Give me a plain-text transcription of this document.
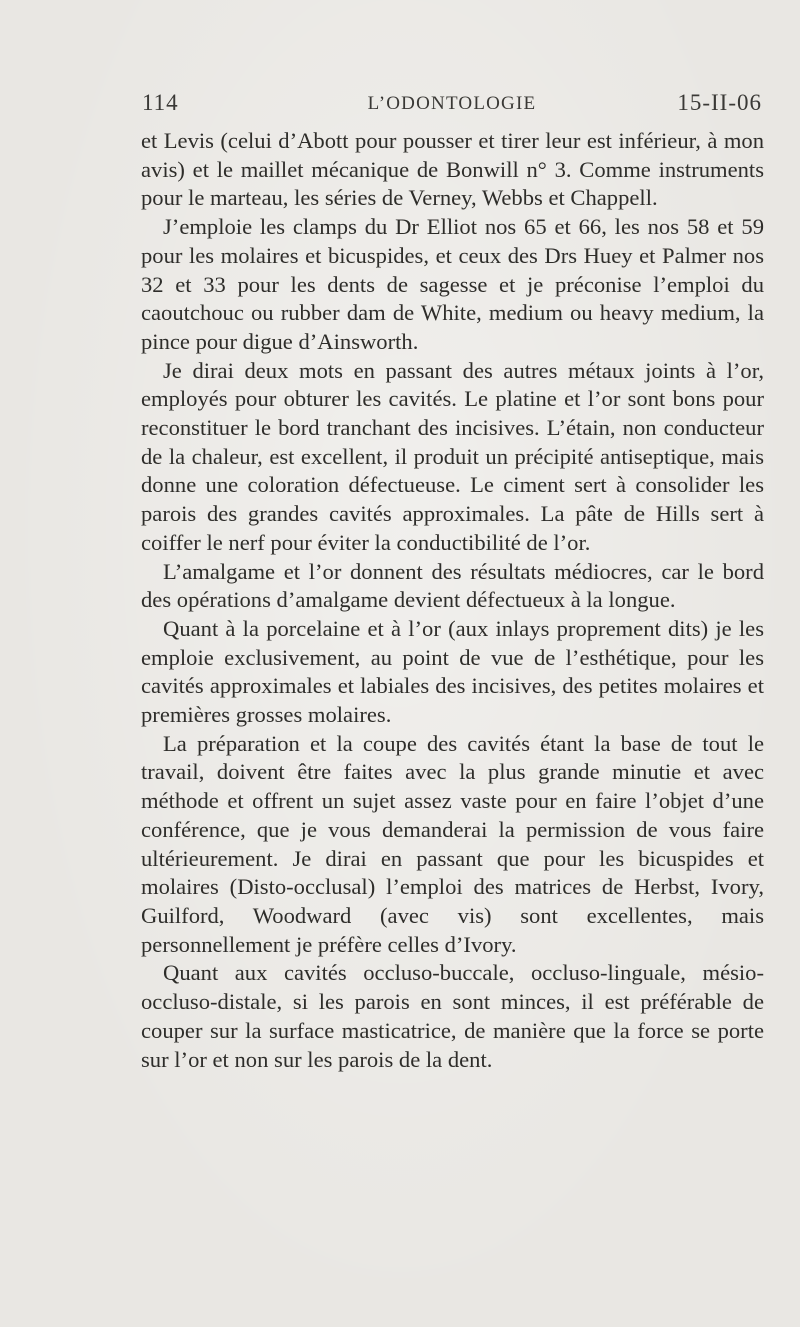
114	L’ODONTOLOGIE	15-II-06

et Levis (celui d’Abott pour pousser et tirer leur est inférieur, à mon avis) et le maillet mécanique de Bonwill n° 3. Comme instruments pour le marteau, les séries de Verney, Webbs et Chappell.

J’emploie les clamps du Dr Elliot nos 65 et 66, les nos 58 et 59 pour les molaires et bicuspides, et ceux des Drs Huey et Palmer nos 32 et 33 pour les dents de sagesse et je préconise l’emploi du caoutchouc ou rubber dam de White, medium ou heavy medium, la pince pour digue d’Ainsworth.

Je dirai deux mots en passant des autres métaux joints à l’or, employés pour obturer les cavités. Le platine et l’or sont bons pour reconstituer le bord tranchant des incisives. L’étain, non conducteur de la chaleur, est excellent, il produit un précipité antiseptique, mais donne une coloration défectueuse. Le ciment sert à consolider les parois des grandes cavités approximales. La pâte de Hills sert à coiffer le nerf pour éviter la conductibilité de l’or.

L’amalgame et l’or donnent des résultats médiocres, car le bord des opérations d’amalgame devient défectueux à la longue.

Quant à la porcelaine et à l’or (aux inlays proprement dits) je les emploie exclusivement, au point de vue de l’esthétique, pour les cavités approximales et labiales des incisives, des petites molaires et premières grosses molaires.

La préparation et la coupe des cavités étant la base de tout le travail, doivent être faites avec la plus grande minutie et avec méthode et offrent un sujet assez vaste pour en faire l’objet d’une conférence, que je vous demanderai la permission de vous faire ultérieurement. Je dirai en passant que pour les bicuspides et molaires (Disto-occlusal) l’emploi des matrices de Herbst, Ivory, Guilford, Woodward (avec vis) sont excellentes, mais personnellement je préfère celles d’Ivory.

Quant aux cavités occluso-buccale, occluso-linguale, mésio-occluso-distale, si les parois en sont minces, il est préférable de couper sur la surface masticatrice, de manière que la force se porte sur l’or et non sur les parois de la dent.
